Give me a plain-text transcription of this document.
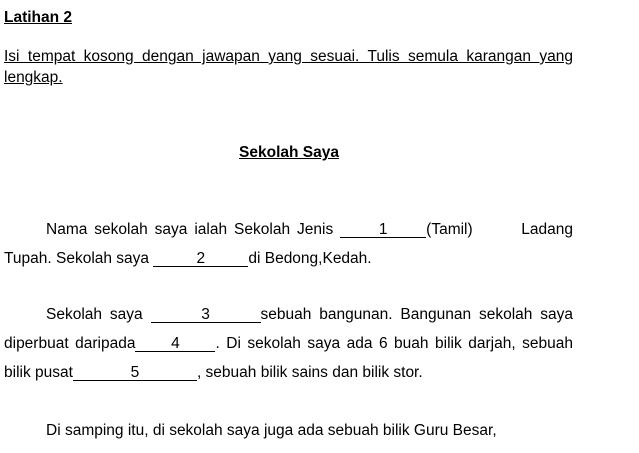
Latihan 2
Isi tempat kosong dengan jawapan yang sesuai. Tulis semula karangan yang lengkap.
Sekolah Saya
Nama sekolah saya ialah Sekolah Jenis 1 (Tamil)       Ladang Tupah. Sekolah saya	2	di Bedong,Kedah.
Sekolah saya	3	sebuah bangunan. Bangunan sekolah saya diperbuat daripada 4 . Di sekolah saya ada 6 buah bilik darjah, sebuah bilik pusat	5	, sebuah bilik sains dan bilik stor.
Di samping itu, di sekolah saya juga ada sebuah bilik Guru Besar,
